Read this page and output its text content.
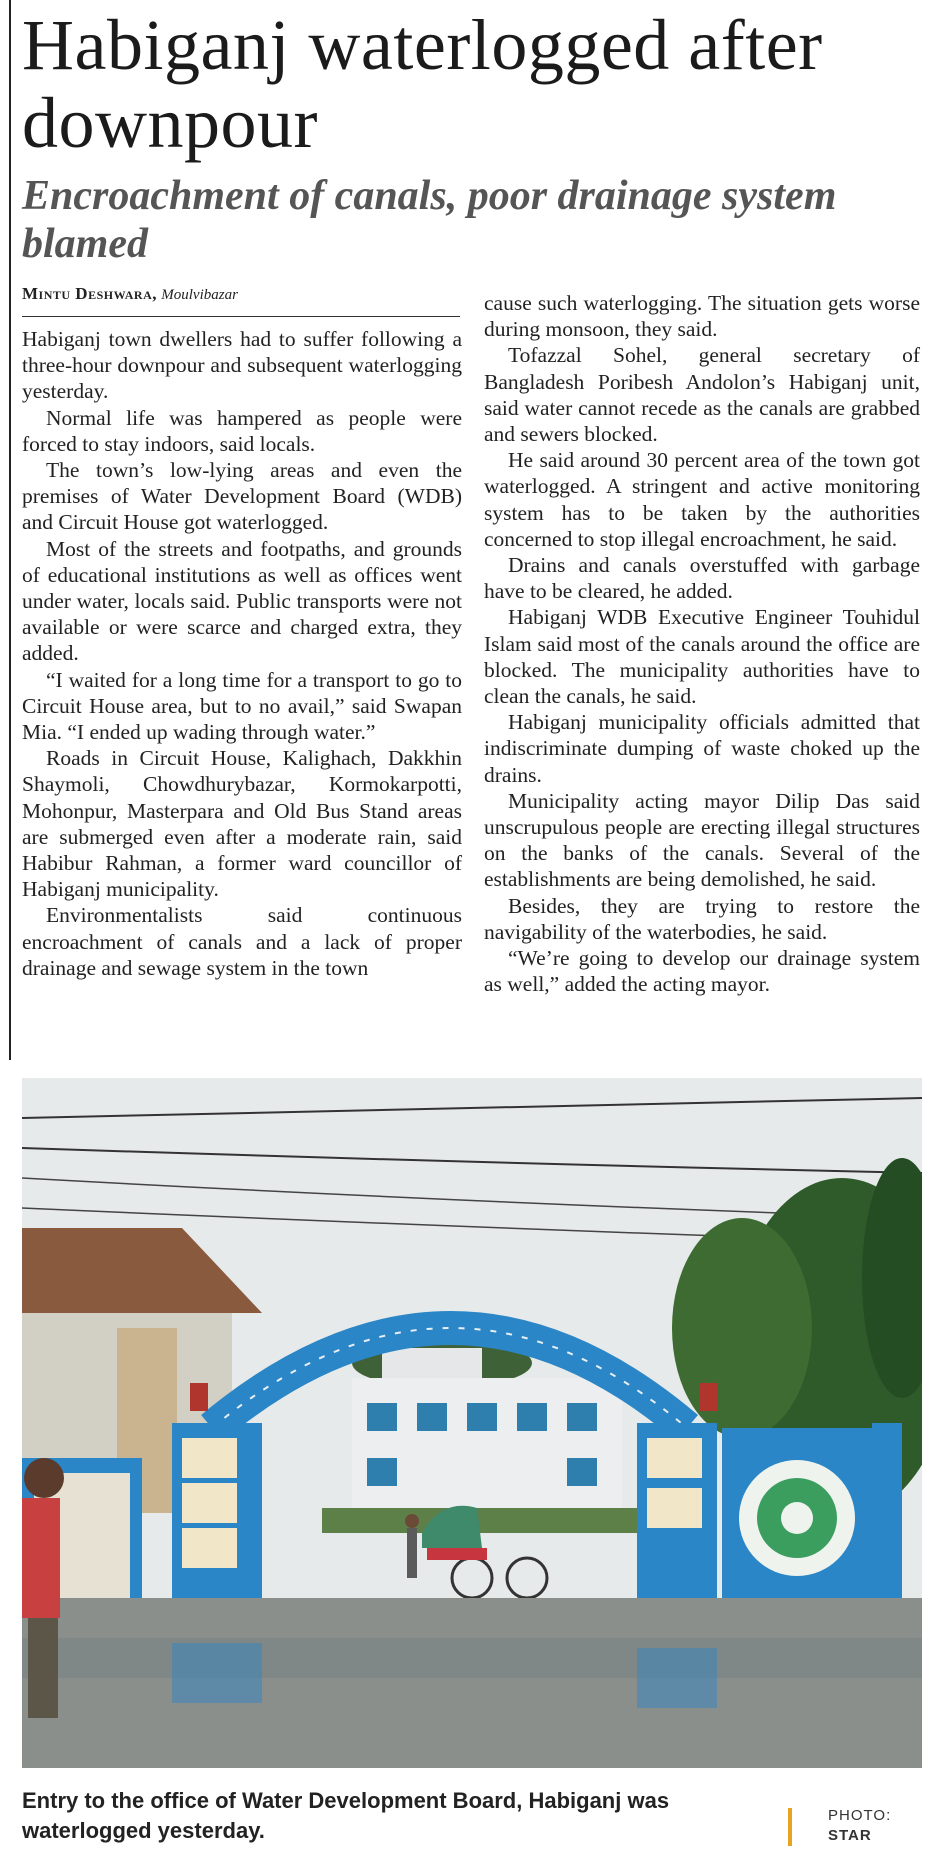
Habiganj waterlogged after downpour
Encroachment of canals, poor drainage system blamed
Mintu Deshwara, Moulvibazar

Habiganj town dwellers had to suffer following a three-hour downpour and subsequent waterlogging yesterday.

Normal life was hampered as people were forced to stay indoors, said locals.

The town’s low-lying areas and even the premises of Water Development Board (WDB) and Circuit House got waterlogged.

Most of the streets and footpaths, and grounds of educational institutions as well as offices went under water, locals said. Public transports were not available or were scarce and charged extra, they added.

“I waited for a long time for a transport to go to Circuit House area, but to no avail,” said Swapan Mia. “I ended up wading through water.”

Roads in Circuit House, Kalighach, Dakkhin Shaymoli, Chowdhurybazar, Kormokarpotti, Mohonpur, Masterpara and Old Bus Stand areas are submerged even after a moderate rain, said Habibur Rahman, a former ward councillor of Habiganj municipality.

Environmentalists said continuous encroachment of canals and a lack of proper drainage and sewage system in the town

cause such waterlogging. The situation gets worse during monsoon, they said.

Tofazzal Sohel, general secretary of Bangladesh Poribesh Andolon’s Habiganj unit, said water cannot recede as the canals are grabbed and sewers blocked.

He said around 30 percent area of the town got waterlogged. A stringent and active monitoring system has to be taken by the authorities concerned to stop illegal encroachment, he said.

Drains and canals overstuffed with garbage have to be cleared, he added.

Habiganj WDB Executive Engineer Touhidul Islam said most of the canals around the office are blocked. The municipality authorities have to clean the canals, he said.

Habiganj municipality officials admitted that indiscriminate dumping of waste choked up the drains.

Municipality acting mayor Dilip Das said unscrupulous people are erecting illegal structures on the banks of the canals. Several of the establishments are being demolished, he said.

Besides, they are trying to restore the navigability of the waterbodies, he said.

“We’re going to develop our drainage system as well,” added the acting mayor.

Entry to the office of Water Development Board, Habiganj was waterlogged yesterday.

PHOTO:
STAR
